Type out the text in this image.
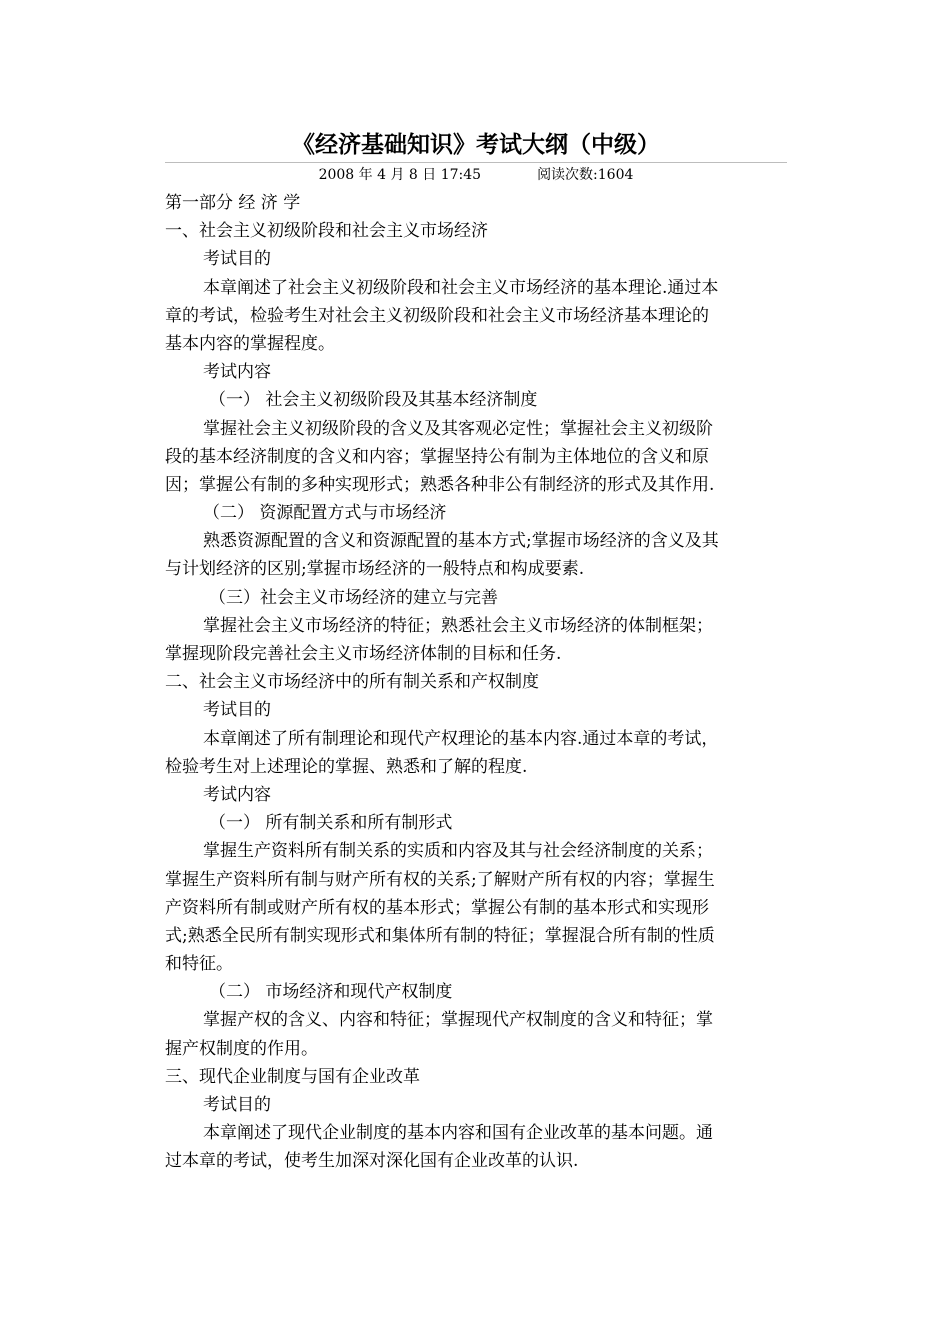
《经济基础知识》考试大纲（中级）
2008 年 4 月 8 日 17:45	阅读次数:1604
第一部分 经 济 学
一、社会主义初级阶段和社会主义市场经济
考试目的
本章阐述了社会主义初级阶段和社会主义市场经济的基本理论.通过本
章的考试，检验考生对社会主义初级阶段和社会主义市场经济基本理论的
基本内容的掌握程度。
考试内容
（一） 社会主义初级阶段及其基本经济制度
掌握社会主义初级阶段的含义及其客观必定性；掌握社会主义初级阶
段的基本经济制度的含义和内容；掌握坚持公有制为主体地位的含义和原
因；掌握公有制的多种实现形式；熟悉各种非公有制经济的形式及其作用.
（二） 资源配置方式与市场经济
熟悉资源配置的含义和资源配置的基本方式;掌握市场经济的含义及其
与计划经济的区别;掌握市场经济的一般特点和构成要素.
（三）社会主义市场经济的建立与完善
掌握社会主义市场经济的特征；熟悉社会主义市场经济的体制框架；
掌握现阶段完善社会主义市场经济体制的目标和任务.
二、社会主义市场经济中的所有制关系和产权制度
考试目的
本章阐述了所有制理论和现代产权理论的基本内容.通过本章的考试，
检验考生对上述理论的掌握、熟悉和了解的程度.
考试内容
（一） 所有制关系和所有制形式
掌握生产资料所有制关系的实质和内容及其与社会经济制度的关系；
掌握生产资料所有制与财产所有权的关系;了解财产所有权的内容；掌握生
产资料所有制或财产所有权的基本形式；掌握公有制的基本形式和实现形
式;熟悉全民所有制实现形式和集体所有制的特征；掌握混合所有制的性质
和特征。
（二） 市场经济和现代产权制度
掌握产权的含义、内容和特征；掌握现代产权制度的含义和特征；掌
握产权制度的作用。
三、现代企业制度与国有企业改革
考试目的
本章阐述了现代企业制度的基本内容和国有企业改革的基本问题。通
过本章的考试，使考生加深对深化国有企业改革的认识.
